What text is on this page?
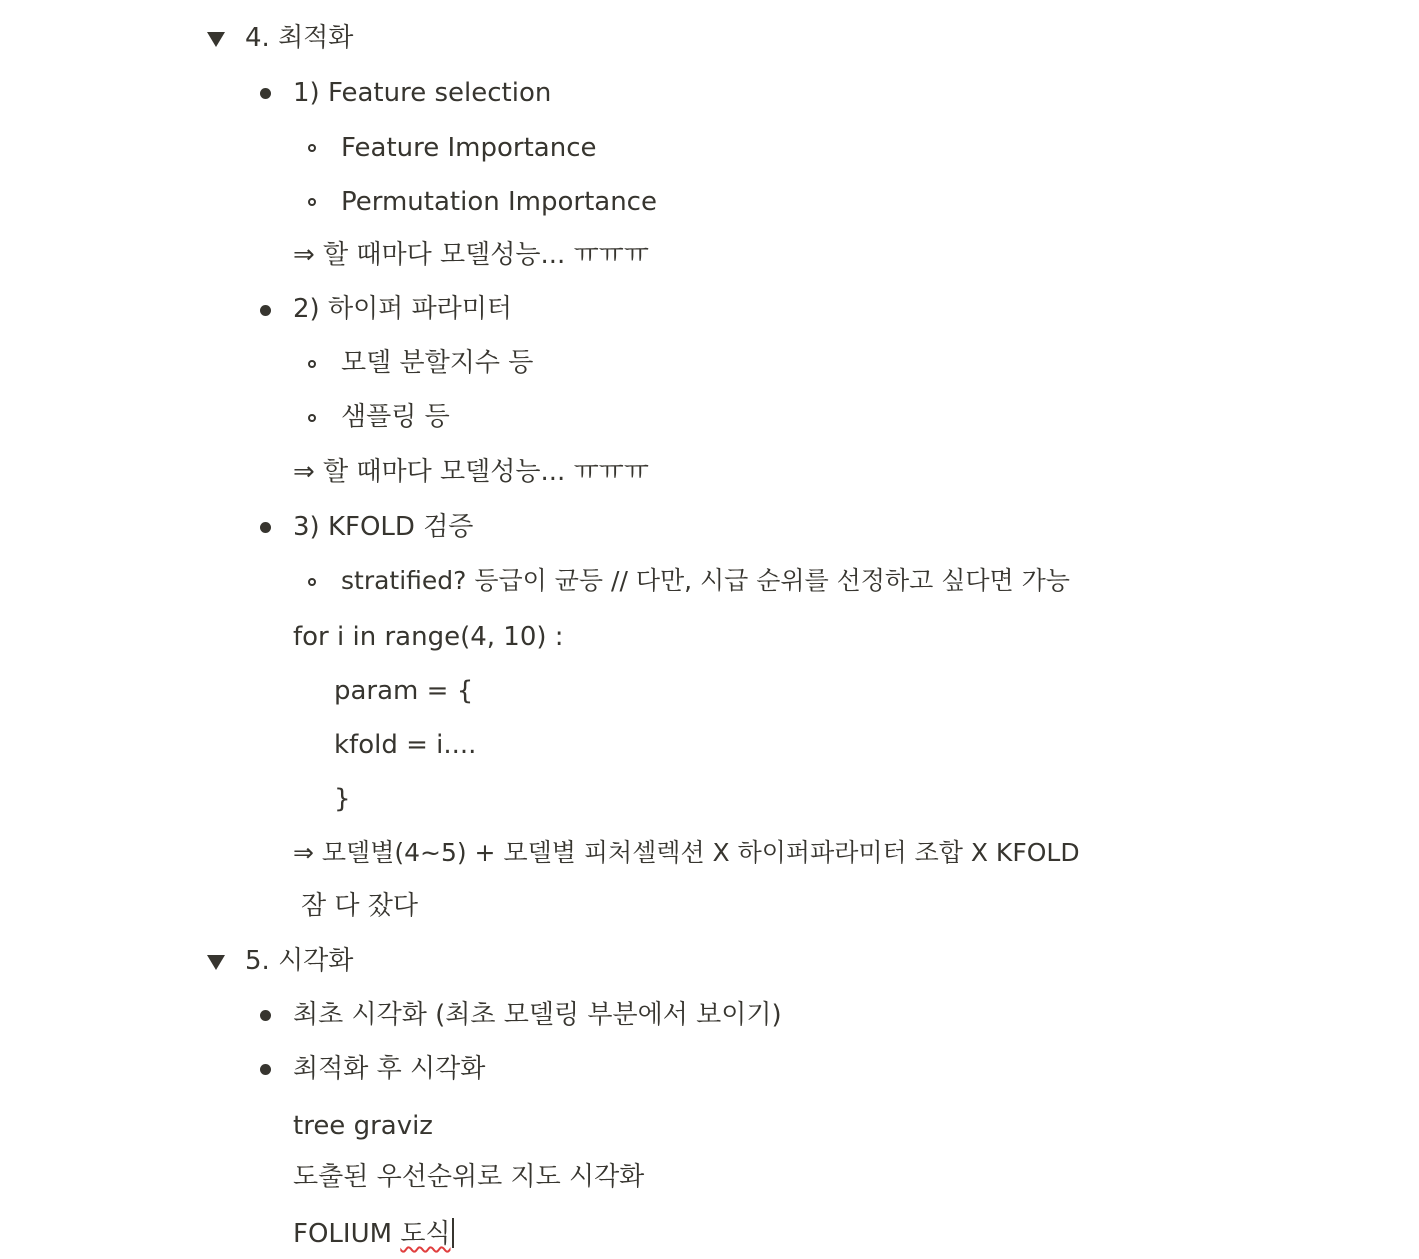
4. 최적화
1) Feature selection
Feature Importance
Permutation Importance
⇒ 할 때마다 모델성능... ㅠㅠㅠ
2) 하이퍼 파라미터
모델 분할지수 등
샘플링 등
⇒ 할 때마다 모델성능... ㅠㅠㅠ
3) KFOLD 검증
stratified? 등급이 균등 // 다만, 시급 순위를 선정하고 싶다면 가능
for i in range(4, 10) :
param = {
kfold = i....
}
⇒ 모델별(4~5) + 모델별 피처셀렉션 X 하이퍼파라미터 조합 X KFOLD
잠 다 잤다
5. 시각화
최초 시각화 (최초 모델링 부분에서 보이기)
최적화 후 시각화
tree graviz
도출된 우선순위로 지도 시각화
FOLIUM 도식
